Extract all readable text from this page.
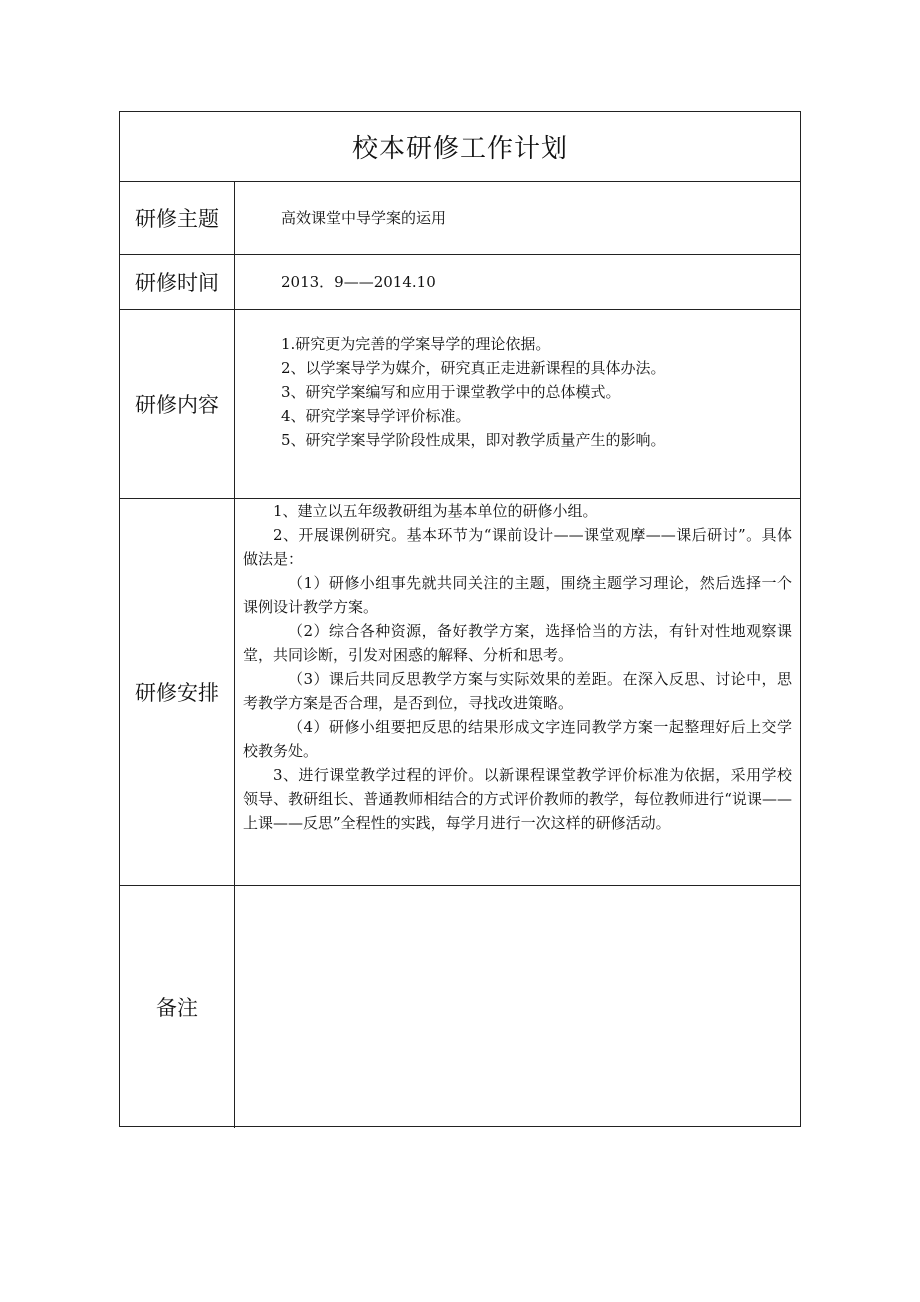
校本研修工作计划
研修主题	高效课堂中导学案的运用
研修时间	2013．9——2014.10
研修内容
1.研究更为完善的学案导学的理论依据。
2、以学案导学为媒介，研究真正走进新课程的具体办法。
3、研究学案编写和应用于课堂教学中的总体模式。
4、研究学案导学评价标准。
5、研究学案导学阶段性成果，即对教学质量产生的影响。
研修安排

1、建立以五年级教研组为基本单位的研修小组。

2、开展课例研究。基本环节为“课前设计——课堂观摩——课后研讨”。具体做法是：

（1）研修小组事先就共同关注的主题，围绕主题学习理论，然后选择一个课例设计教学方案。

（2）综合各种资源，备好教学方案，选择恰当的方法，有针对性地观察课堂，共同诊断，引发对困惑的解释、分析和思考。

（3）课后共同反思教学方案与实际效果的差距。在深入反思、讨论中，思考教学方案是否合理，是否到位，寻找改进策略。

（4）研修小组要把反思的结果形成文字连同教学方案一起整理好后上交学校教务处。

3、进行课堂教学过程的评价。以新课程课堂教学评价标准为依据，采用学校领导、教研组长、普通教师相结合的方式评价教师的教学，每位教师进行“说课——上课——反思”全程性的实践，每学月进行一次这样的研修活动。

备注
